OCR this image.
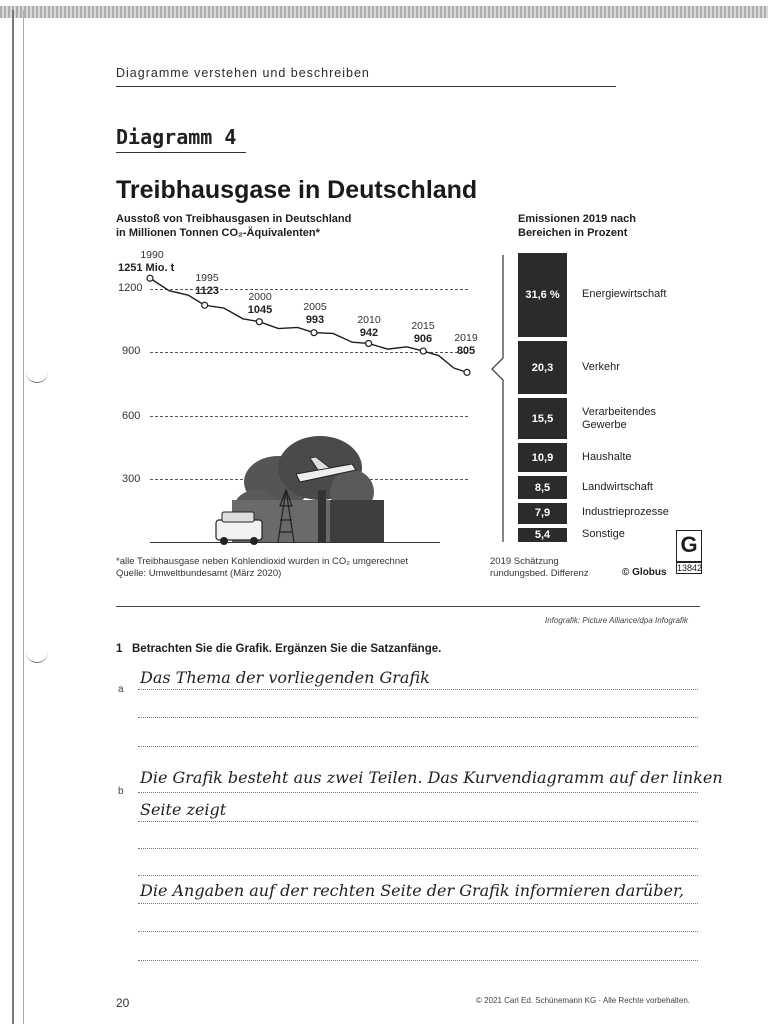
Diagramme verstehen und beschreiben
Diagramm 4
Treibhausgase in Deutschland
Ausstoß von Treibhausgasen in Deutschland
in Millionen Tonnen CO₂-Äquivalenten*
Emissionen 2019 nach
Bereichen in Prozent
1200
900
600
300
1990
1251 Mio. t
1995
1123	2000
1045	2005
993	2010
942
2015
906	2019
805
31,6 %	Energiewirtschaft
20,3	Verkehr
15,5
Verarbeitendes Gewerbe
10,9	Haushalte
8,5	Landwirtschaft
7,9	Industrieprozesse
5,4	Sonstige
*alle Treibhausgase neben Kohlendioxid wurden in CO₂ umgerechnet
Quelle: Umweltbundesamt (März 2020)
2019 Schätzung
rundungsbed. Differenz	© Globus
G
13842
Infografik: Picture Alliance/dpa Infografik
1 Betrachten Sie die Grafik. Ergänzen Sie die Satzanfänge.
a
Das Thema der vorliegenden Grafik
b
Die Grafik besteht aus zwei Teilen. Das Kurvendiagramm auf der linken
Seite zeigt
Die Angaben auf der rechten Seite der Grafik informieren darüber,
20	© 2021 Carl Ed. Schünemann KG · Alle Rechte vorbehalten.
